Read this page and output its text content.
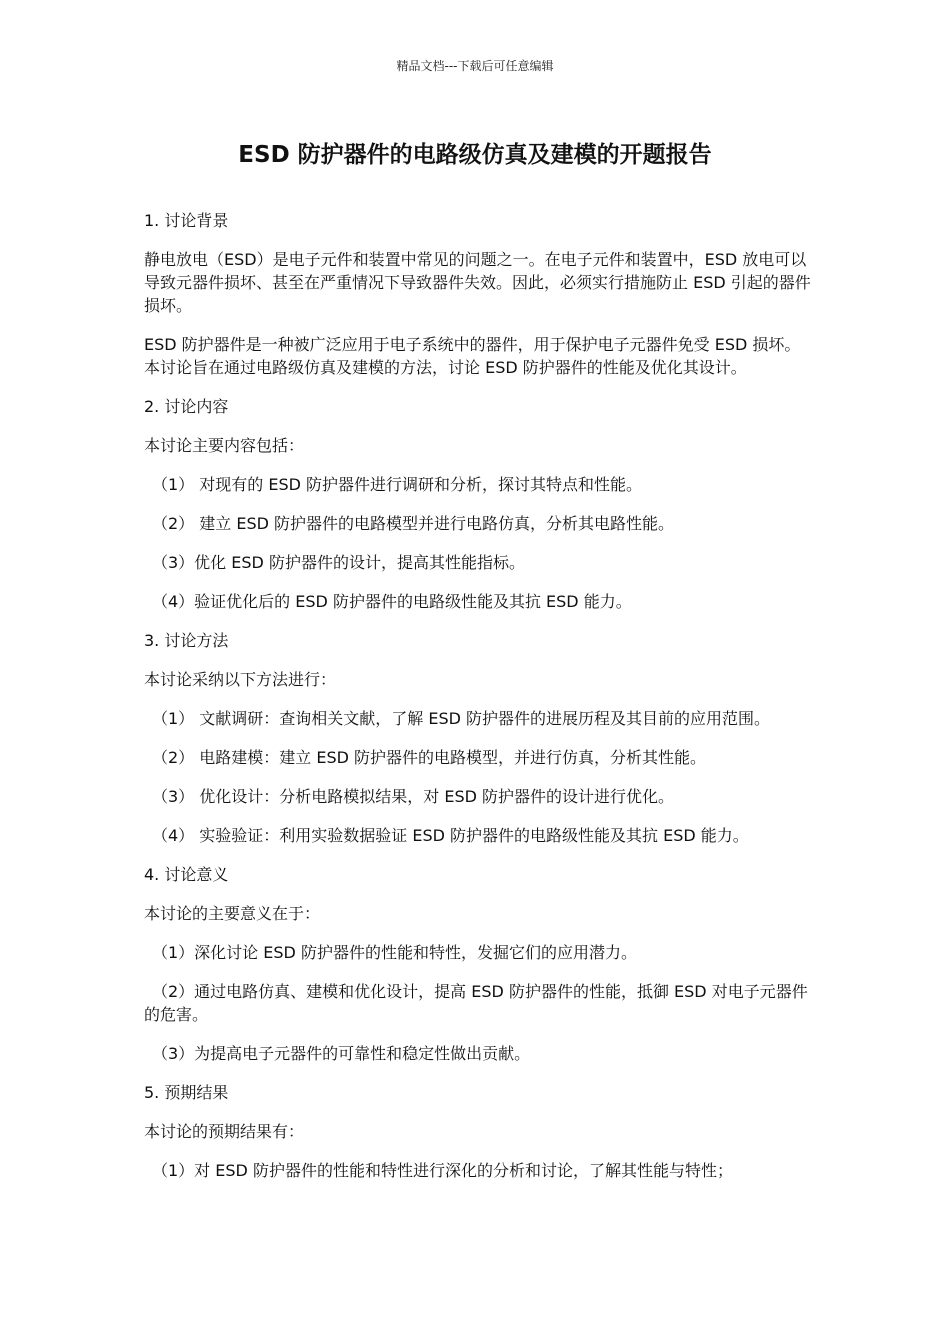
精品文档---下载后可任意编辑
ESD 防护器件的电路级仿真及建模的开题报告

1. 讨论背景

静电放电（ESD）是电子元件和装置中常见的问题之一。在电子元件和装置中，ESD 放电可以导致元器件损坏、甚至在严重情况下导致器件失效。因此，必须实行措施防止 ESD 引起的器件损坏。

ESD 防护器件是一种被广泛应用于电子系统中的器件，用于保护电子元器件免受 ESD 损坏。本讨论旨在通过电路级仿真及建模的方法，讨论 ESD 防护器件的性能及优化其设计。

2. 讨论内容

本讨论主要内容包括：

（1） 对现有的 ESD 防护器件进行调研和分析，探讨其特点和性能。

（2） 建立 ESD 防护器件的电路模型并进行电路仿真，分析其电路性能。

（3）优化 ESD 防护器件的设计，提高其性能指标。

（4）验证优化后的 ESD 防护器件的电路级性能及其抗 ESD 能力。

3. 讨论方法

本讨论采纳以下方法进行：

（1） 文献调研：查询相关文献，了解 ESD 防护器件的进展历程及其目前的应用范围。

（2） 电路建模：建立 ESD 防护器件的电路模型，并进行仿真，分析其性能。

（3） 优化设计：分析电路模拟结果，对 ESD 防护器件的设计进行优化。

（4） 实验验证：利用实验数据验证 ESD 防护器件的电路级性能及其抗 ESD 能力。

4. 讨论意义

本讨论的主要意义在于：

（1）深化讨论 ESD 防护器件的性能和特性，发掘它们的应用潜力。

（2）通过电路仿真、建模和优化设计，提高 ESD 防护器件的性能，抵御 ESD 对电子元器件的危害。

（3）为提高电子元器件的可靠性和稳定性做出贡献。

5. 预期结果

本讨论的预期结果有：

（1）对 ESD 防护器件的性能和特性进行深化的分析和讨论，了解其性能与特性；
